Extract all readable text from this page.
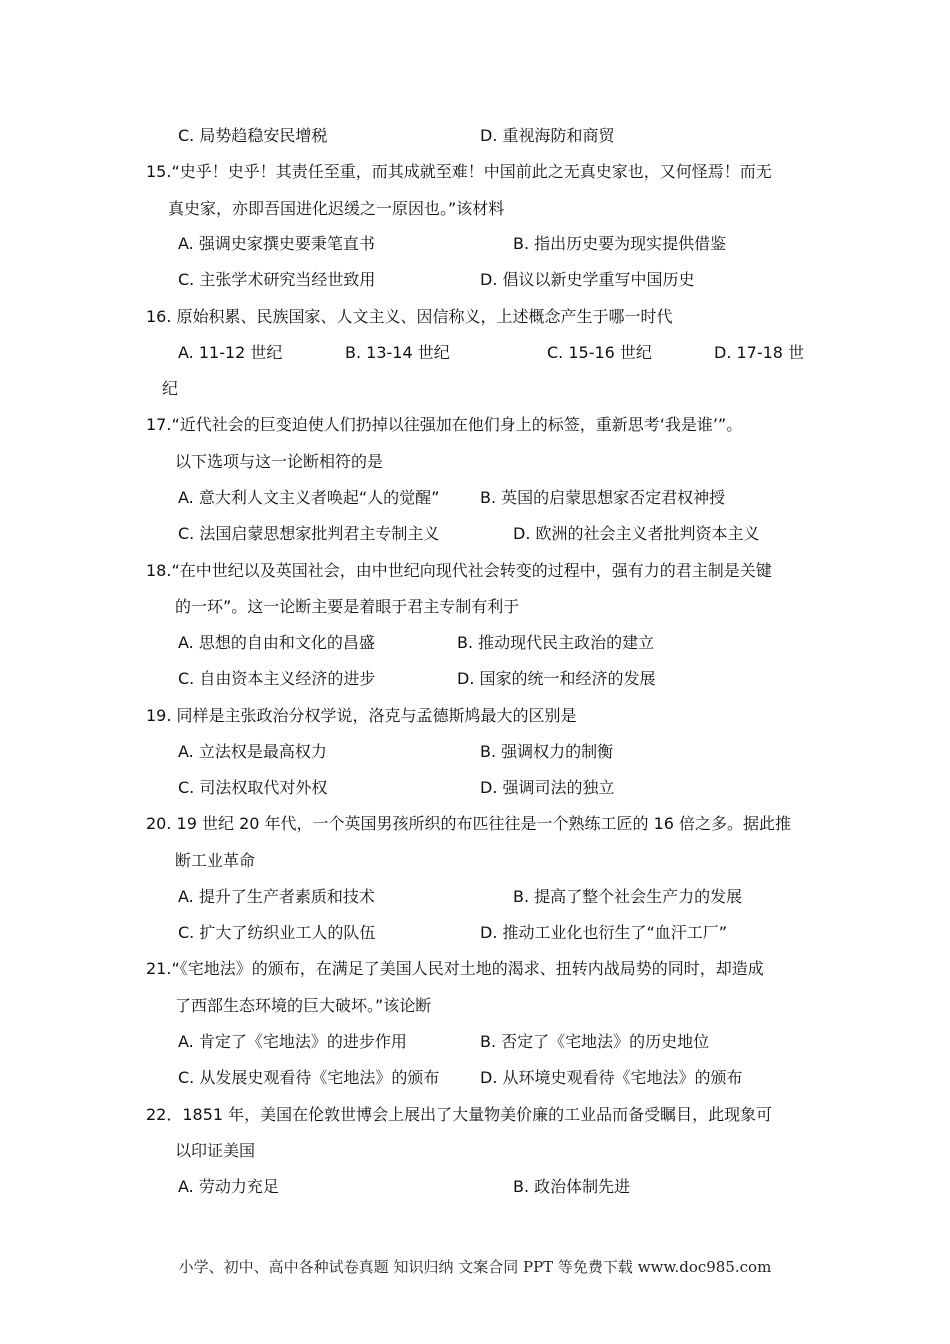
C. 局势趋稳安民增税	D. 重视海防和商贸
15.“史乎！史乎！其责任至重，而其成就至难！中国前此之无真史家也，又何怪焉！而无
真史家，亦即吾国进化迟缓之一原因也。”该材料
A. 强调史家撰史要秉笔直书	B. 指出历史要为现实提供借鉴
C. 主张学术研究当经世致用	D. 倡议以新史学重写中国历史
16. 原始积累、民族国家、人文主义、因信称义，上述概念产生于哪一时代
A. 11-12 世纪	B. 13-14 世纪	C. 15-16 世纪	D. 17-18 世
纪
17.“近代社会的巨变迫使人们扔掉以往强加在他们身上的标签，重新思考‘我是谁’”。
以下选项与这一论断相符的是
A. 意大利人文主义者唤起“人的觉醒”	B. 英国的启蒙思想家否定君权神授
C. 法国启蒙思想家批判君主专制主义	D. 欧洲的社会主义者批判资本主义
18.“在中世纪以及英国社会，由中世纪向现代社会转变的过程中，强有力的君主制是关键
的一环”。这一论断主要是着眼于君主专制有利于
A. 思想的自由和文化的昌盛	B. 推动现代民主政治的建立
C. 自由资本主义经济的进步	D. 国家的统一和经济的发展
19. 同样是主张政治分权学说，洛克与孟德斯鸠最大的区别是
A. 立法权是最高权力	B. 强调权力的制衡
C. 司法权取代对外权	D. 强调司法的独立
20. 19 世纪 20 年代，一个英国男孩所织的布匹往往是一个熟练工匠的 16 倍之多。据此推
断工业革命
A. 提升了生产者素质和技术	B. 提高了整个社会生产力的发展
C. 扩大了纺织业工人的队伍	D. 推动工业化也衍生了“血汗工厂”
21.“《宅地法》的颁布，在满足了美国人民对土地的渴求、扭转内战局势的同时，却造成
了西部生态环境的巨大破坏。”该论断
A. 肯定了《宅地法》的进步作用	B. 否定了《宅地法》的历史地位
C. 从发展史观看待《宅地法》的颁布	D. 从环境史观看待《宅地法》的颁布
22．1851 年，美国在伦敦世博会上展出了大量物美价廉的工业品而备受瞩目，此现象可
以印证美国
A. 劳动力充足	B. 政治体制先进
小学、初中、高中各种试卷真题 知识归纳 文案合同 PPT 等免费下载 www.doc985.com
